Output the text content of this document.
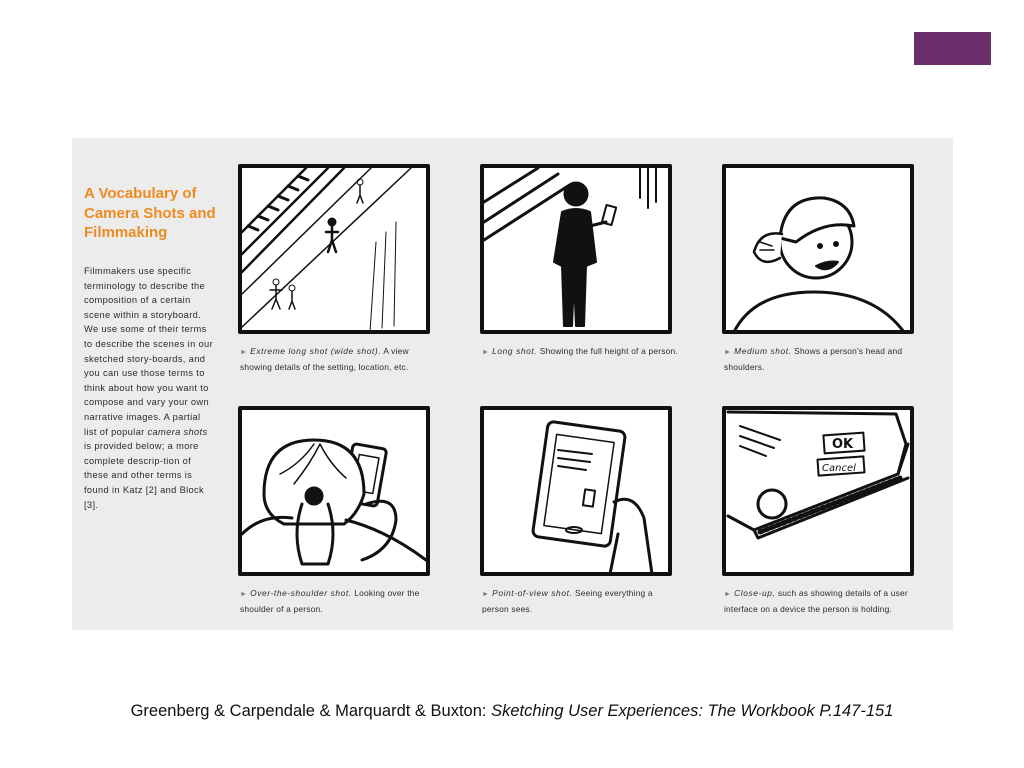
A Vocabulary of Camera Shots and Filmmaking

Filmmakers use specific terminology to describe the composition of a certain scene within a storyboard. We use some of their terms to describe the scenes in our sketched story-boards, and you can use those terms to think about how you want to compose and vary your own narrative images. A partial list of popular camera shots is provided below; a more complete descrip-tion of these and other terms is found in Katz [2] and Block [3].

OK
Cancel
► Extreme long shot (wide shot). A view showing details of the setting, location, etc.
► Long shot. Showing the full height of a person.	► Medium shot. Shows a person's head and shoulders.
► Over-the-shoulder shot. Looking over the shoulder of a person.
► Point-of-view shot. Seeing everything a person sees.
► Close-up, such as showing details of a user interface on a device the person is holding.
Greenberg & Carpendale & Marquardt & Buxton: Sketching User Experiences: The Workbook P.147-151
